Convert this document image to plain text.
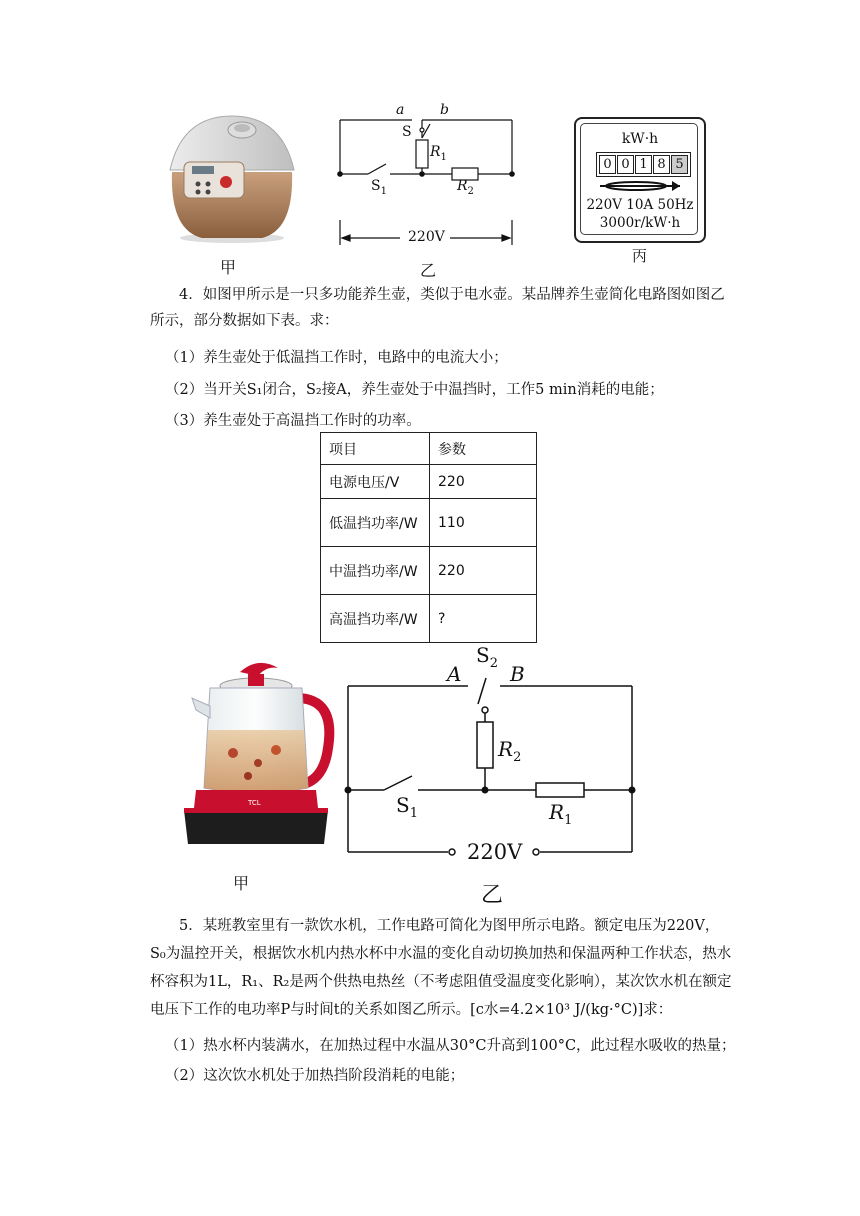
甲
a	b
S
$R_1$
$S_1$	$R_2$
220V
乙
kW·h
0 0 1 8 5
220V 10A 50Hz
3000r/kW·h
丙
4．如图甲所示是一只多功能养生壶，类似于电水壶。某品牌养生壶简化电路图如图乙所示，部分数据如下表。求：
（1）养生壶处于低温挡工作时，电路中的电流大小；
（2）当开关S₁闭合，S₂接A，养生壶处于中温挡时，工作5 min消耗的电能；
（3）养生壶处于高温挡工作时的功率。
项目	参数
电源电压/V	220
低温挡功率/W	110
中温挡功率/W	220
高温挡功率/W	?
TCL
甲
A B
$S_2$
$R_2$
$S_1$	$R_1$
220V
乙
5．某班教室里有一款饮水机，工作电路可简化为图甲所示电路。额定电压为220V，S₀为温控开关，根据饮水机内热水杯中水温的变化自动切换加热和保温两种工作状态，热水杯容积为1L，R₁、R₂是两个供热电热丝（不考虑阻值受温度变化影响），某次饮水机在额定电压下工作的电功率P与时间t的关系如图乙所示。[c水=4.2×10³ J/(kg·°C)]求：
（1）热水杯内装满水，在加热过程中水温从30°C升高到100°C，此过程水吸收的热量；
（2）这次饮水机处于加热挡阶段消耗的电能；
